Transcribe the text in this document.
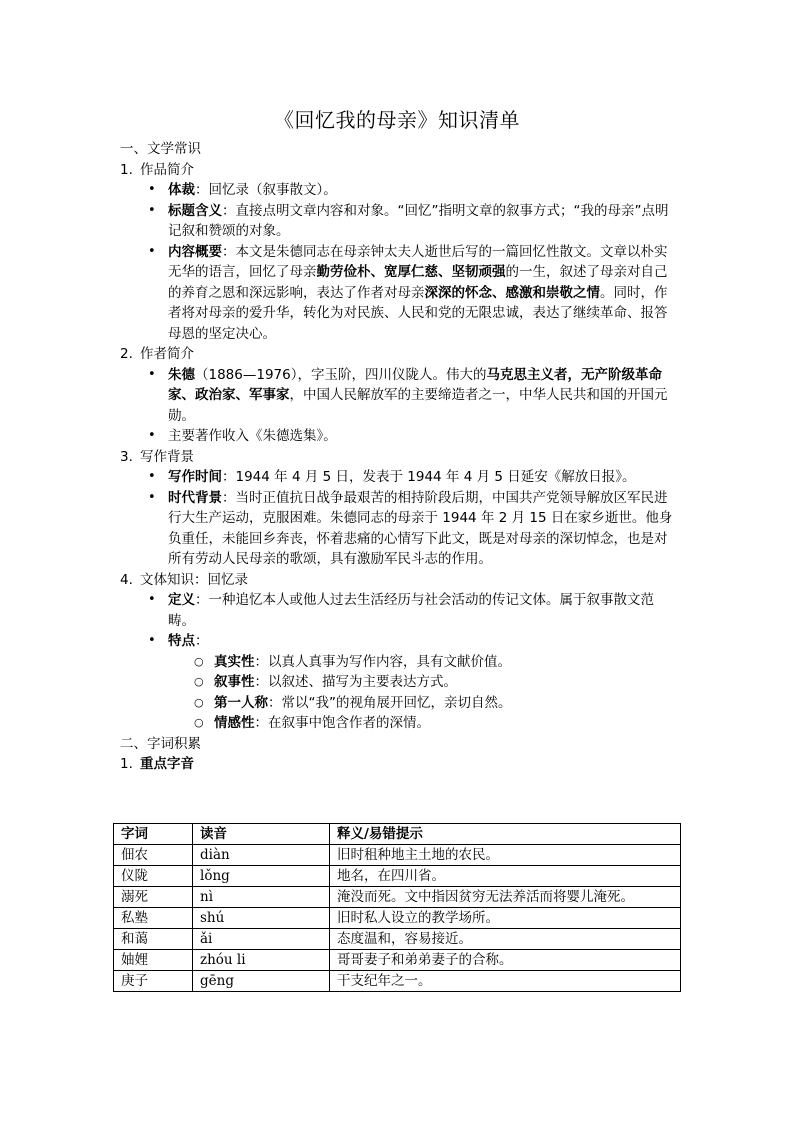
《回忆我的母亲》知识清单
一、文学常识
1. 作品简介
• 体裁：回忆录（叙事散文）。
• 标题含义：直接点明文章内容和对象。“回忆”指明文章的叙事方式；“我的母亲”点明记叙和赞颂的对象。
• 内容概要：本文是朱德同志在母亲钟太夫人逝世后写的一篇回忆性散文。文章以朴实无华的语言，回忆了母亲勤劳俭朴、宽厚仁慈、坚韧顽强的一生，叙述了母亲对自己的养育之恩和深远影响，表达了作者对母亲深深的怀念、感激和崇敬之情。同时，作者将对母亲的爱升华，转化为对民族、人民和党的无限忠诚，表达了继续革命、报答母恩的坚定决心。
2. 作者简介
• 朱德（1886—1976），字玉阶，四川仪陇人。伟大的马克思主义者，无产阶级革命家、政治家、军事家，中国人民解放军的主要缔造者之一，中华人民共和国的开国元勋。
• 主要著作收入《朱德选集》。
3. 写作背景
• 写作时间：1944 年 4 月 5 日，发表于 1944 年 4 月 5 日延安《解放日报》。
• 时代背景：当时正值抗日战争最艰苦的相持阶段后期，中国共产党领导解放区军民进行大生产运动，克服困难。朱德同志的母亲于 1944 年 2 月 15 日在家乡逝世。他身负重任，未能回乡奔丧，怀着悲痛的心情写下此文，既是对母亲的深切悼念，也是对所有劳动人民母亲的歌颂，具有激励军民斗志的作用。
4. 文体知识：回忆录
• 定义：一种追忆本人或他人过去生活经历与社会活动的传记文体。属于叙事散文范畴。
• 特点：
○ 真实性：以真人真事为写作内容，具有文献价值。
○ 叙事性：以叙述、描写为主要表达方式。
○ 第一人称：常以“我”的视角展开回忆，亲切自然。
○ 情感性：在叙事中饱含作者的深情。
二、字词积累
1. 重点字音
字词	读音	释义/易错提示
佃农	diàn	旧时租种地主土地的农民。
仪陇	lǒng	地名，在四川省。
溺死	nì	淹没而死。文中指因贫穷无法养活而将婴儿淹死。
私塾	shú	旧时私人设立的教学场所。
和蔼	ǎi	态度温和，容易接近。
妯娌	zhóu li	哥哥妻子和弟弟妻子的合称。
庚子	gēng	干支纪年之一。
